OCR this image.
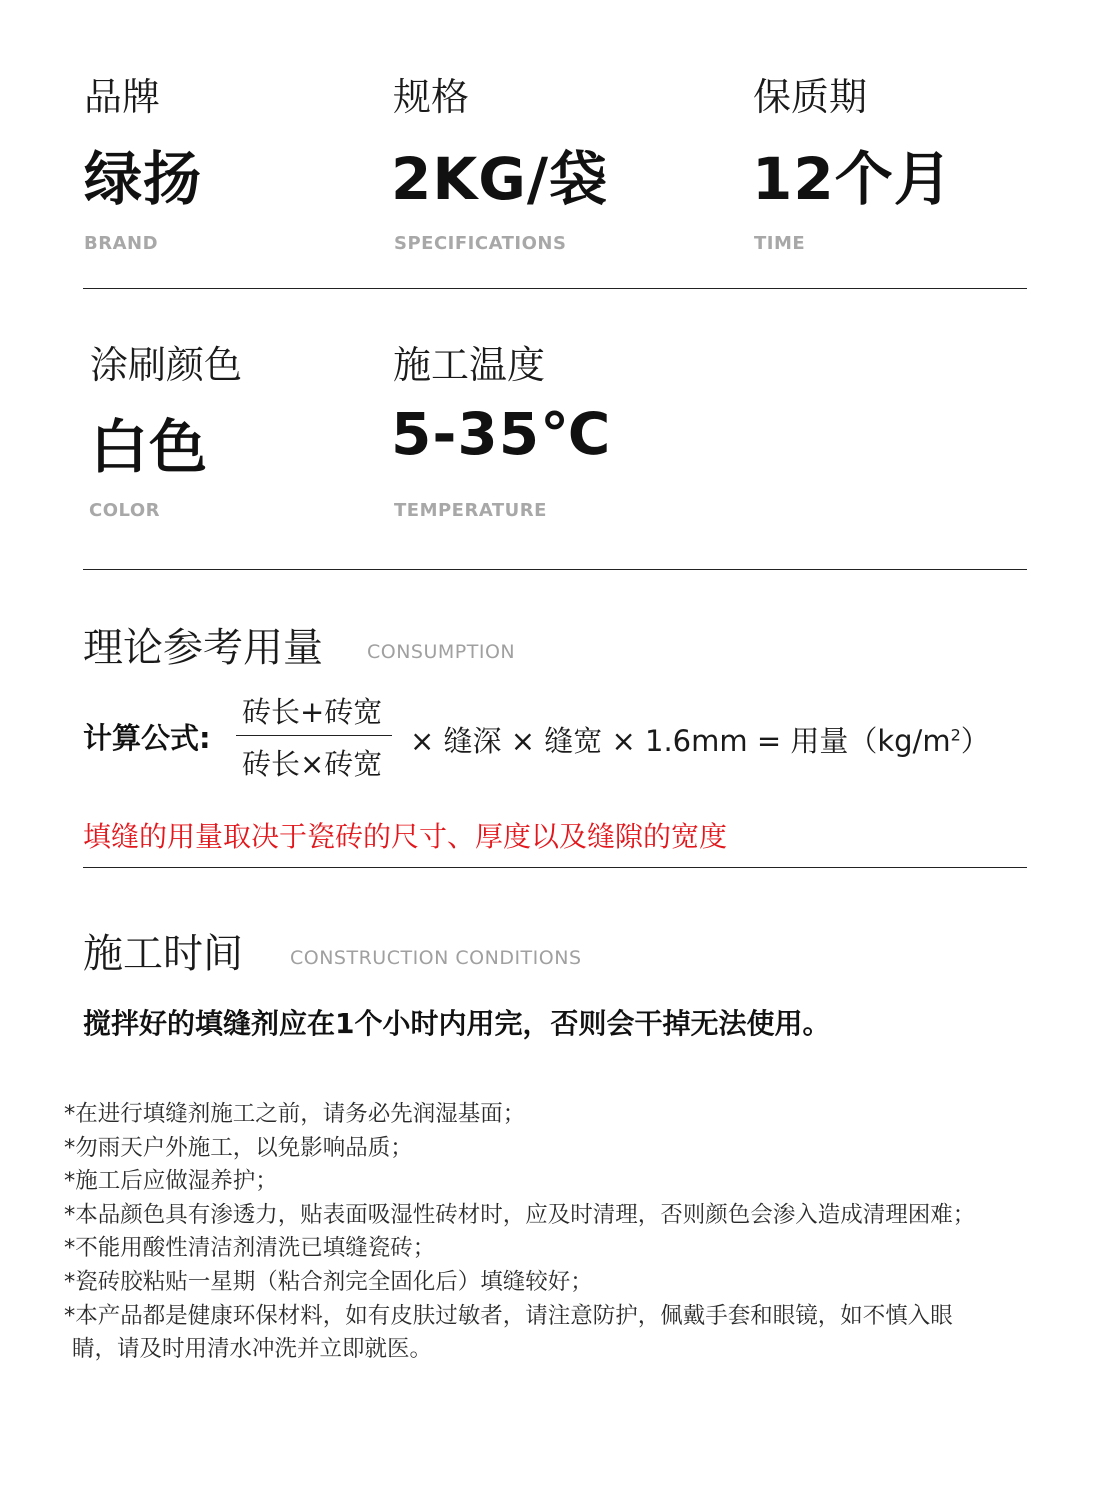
品牌
绿扬
BRAND
规格
2KG/袋
SPECIFICATIONS
保质期
12个月
TIME
涂刷颜色
白色
COLOR
施工温度
5-35℃
TEMPERATURE
理论参考用量 CONSUMPTION
计算公式:
砖长+砖宽
砖长×砖宽
× 缝深 × 缝宽 × 1.6mm = 用量$(kg/m^2)$
填缝的用量取决于瓷砖的尺寸、厚度以及缝隙的宽度
施工时间 CONSTRUCTION CONDITIONS
搅拌好的填缝剂应在1个小时内用完，否则会干掉无法使用。
*在进行填缝剂施工之前，请务必先润湿基面；
*勿雨天户外施工，以免影响品质；
*施工后应做湿养护；
*本品颜色具有渗透力，贴表面吸湿性砖材时，应及时清理，否则颜色会渗入造成清理困难；
*不能用酸性清洁剂清洗已填缝瓷砖；
*瓷砖胶粘贴一星期（粘合剂完全固化后）填缝较好；
*本产品都是健康环保材料，如有皮肤过敏者，请注意防护，佩戴手套和眼镜，如不慎入眼
睛，请及时用清水冲洗并立即就医。
